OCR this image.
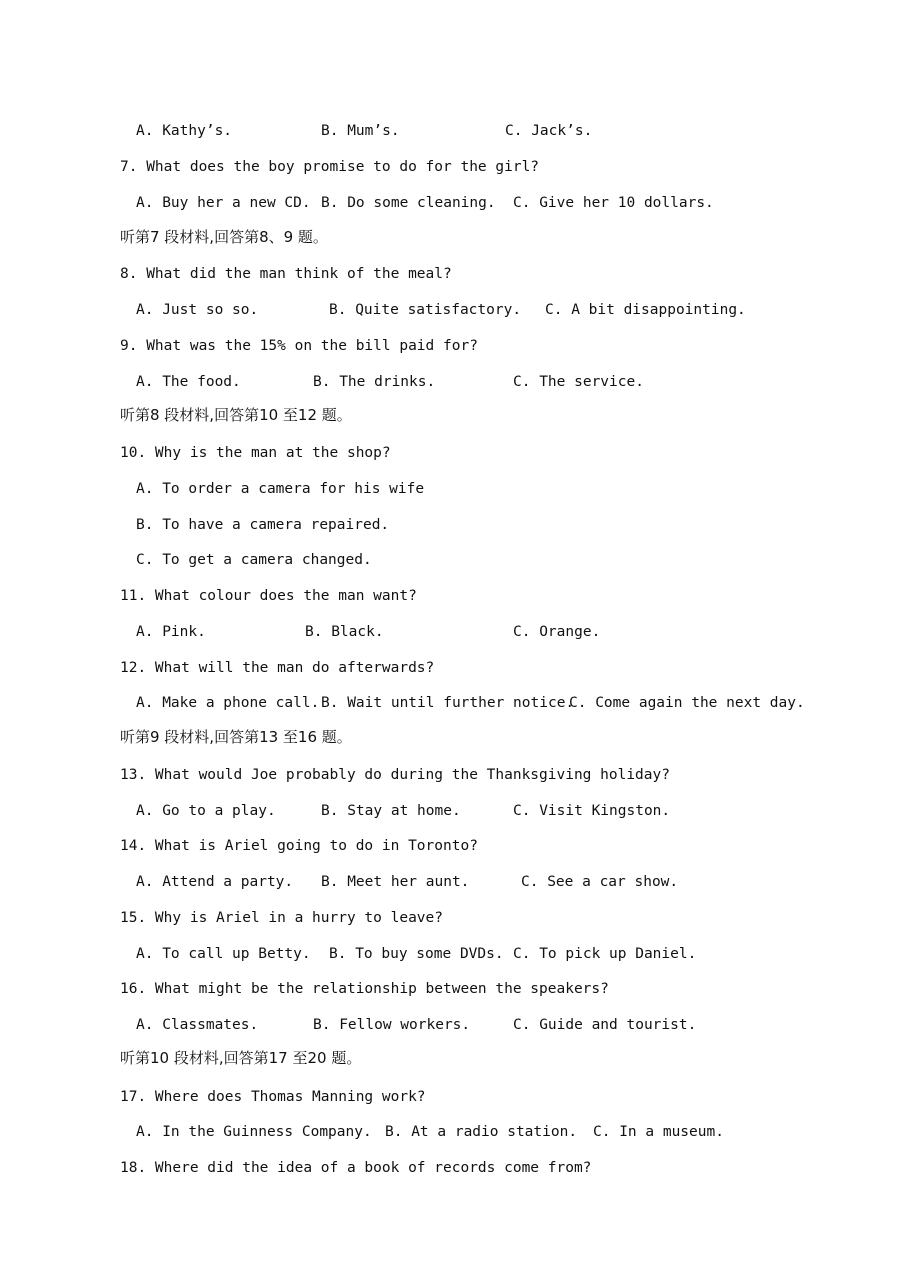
A. Kathy’s.	B. Mum’s.	C. Jack’s.
7. What does the boy promise to do for the girl?
A. Buy her a new CD. B. Do some cleaning. C. Give her 10 dollars.
听第7 段材料,回答第8、9 题。
8. What did the man think of the meal?
A. Just so so.	B. Quite satisfactory. C. A bit disappointing.
9. What was the 15% on the bill paid for?
A. The food.	B. The drinks.	C. The service.
听第8 段材料,回答第10 至12 题。
10. Why is the man at the shop?
A. To order a camera for his wife
B. To have a camera repaired.
C. To get a camera changed.
11. What colour does the man want?
A. Pink.	B. Black.	C. Orange.
12. What will the man do afterwards?
A. Make a phone call. B. Wait until further notice.
C. Come again the next day.
听第9 段材料,回答第13 至16 题。
13. What would Joe probably do during the Thanksgiving holiday?
A. Go to a play.	B. Stay at home.	C. Visit Kingston.
14. What is Ariel going to do in Toronto?
A. Attend a party. B. Meet her aunt.	C. See a car show.
15. Why is Ariel in a hurry to leave?
A. To call up Betty. B. To buy some DVDs. C. To pick up Daniel.
16. What might be the relationship between the speakers?
A. Classmates.	B. Fellow workers.	C. Guide and tourist.
听第10 段材料,回答第17 至20 题。
17. Where does Thomas Manning work?
A. In the Guinness Company. B. At a radio station. C. In a museum.
18. Where did the idea of a book of records come from?
